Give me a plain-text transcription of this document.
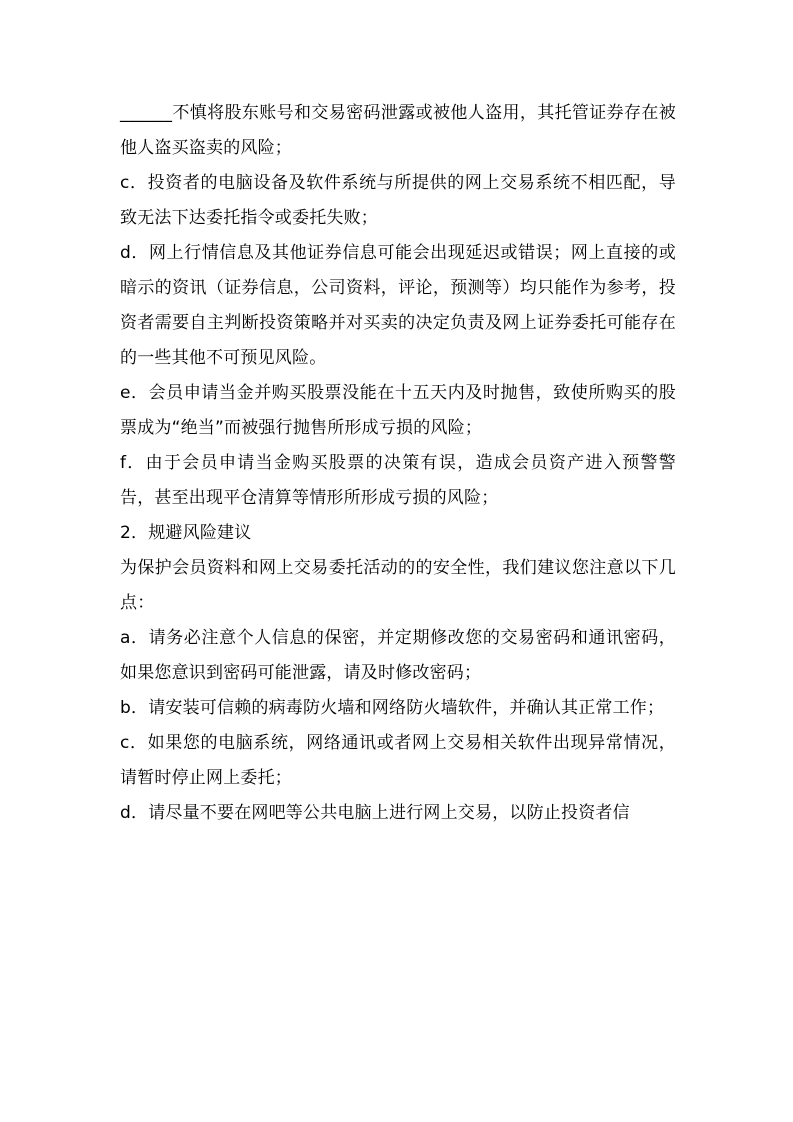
______不慎将股东账号和交易密码泄露或被他人盗用，其托管证券存在被他人盗买盗卖的风险；

c．投资者的电脑设备及软件系统与所提供的网上交易系统不相匹配，导致无法下达委托指令或委托失败；

d．网上行情信息及其他证券信息可能会出现延迟或错误；网上直接的或暗示的资讯（证券信息，公司资料，评论，预测等）均只能作为参考，投资者需要自主判断投资策略并对买卖的决定负责及网上证券委托可能存在的一些其他不可预见风险。

e．会员申请当金并购买股票没能在十五天内及时抛售，致使所购买的股票成为“绝当”而被强行抛售所形成亏损的风险；

f．由于会员申请当金购买股票的决策有误，造成会员资产进入预警警告，甚至出现平仓清算等情形所形成亏损的风险；

2．规避风险建议

为保护会员资料和网上交易委托活动的的安全性，我们建议您注意以下几点：

a．请务必注意个人信息的保密，并定期修改您的交易密码和通讯密码，如果您意识到密码可能泄露，请及时修改密码；

b．请安装可信赖的病毒防火墙和网络防火墙软件，并确认其正常工作；

c．如果您的电脑系统，网络通讯或者网上交易相关软件出现异常情况，请暂时停止网上委托；

d．请尽量不要在网吧等公共电脑上进行网上交易，以防止投资者信
